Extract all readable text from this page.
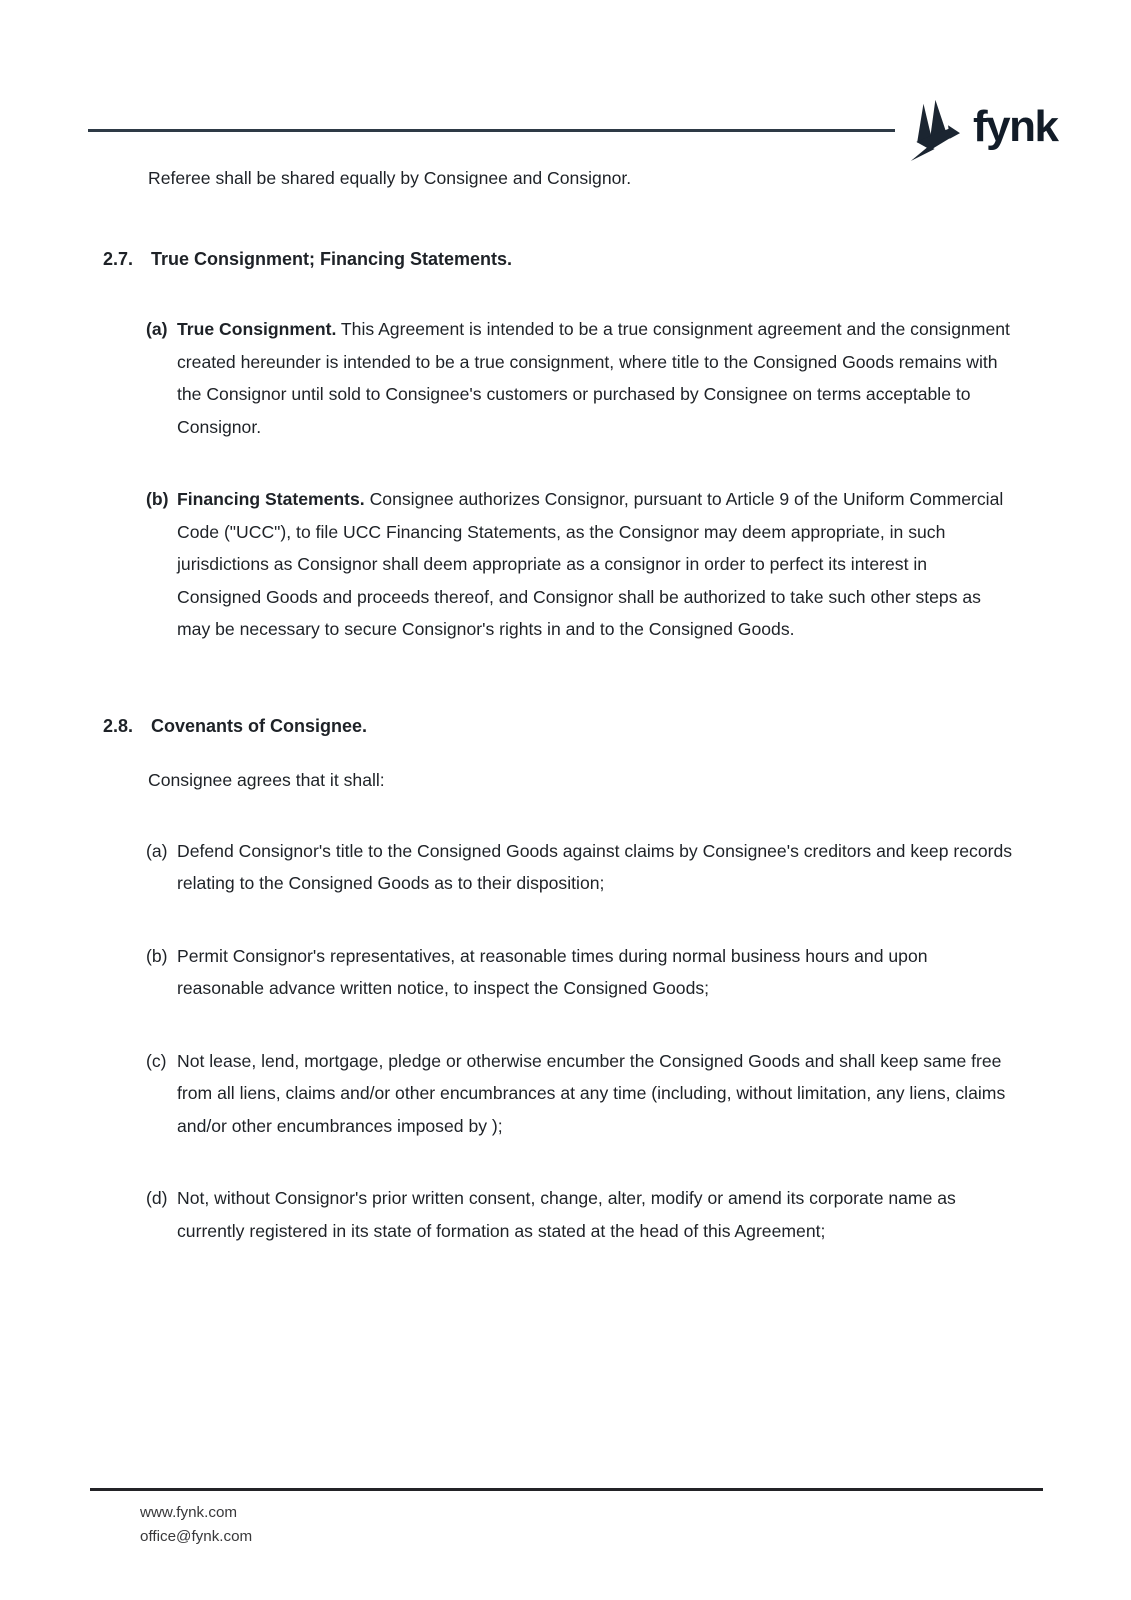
fynk

Referee shall be shared equally by Consignee and Consignor.

2.7. True Consignment; Financing Statements.
(a) True Consignment. This Agreement is intended to be a true consignment agreement and the consignment created hereunder is intended to be a true consignment, where title to the Consigned Goods remains with the Consignor until sold to Consignee's customers or purchased by Consignee on terms acceptable to Consignor.

(b) Financing Statements. Consignee authorizes Consignor, pursuant to Article 9 of the Uniform Commercial Code ("UCC"), to file UCC Financing Statements, as the Consignor may deem appropriate, in such jurisdictions as Consignor shall deem appropriate as a consignor in order to perfect its interest in Consigned Goods and proceeds thereof, and Consignor shall be authorized to take such other steps as may be necessary to secure Consignor's rights in and to the Consigned Goods.

2.8. Covenants of Consignee.

Consignee agrees that it shall:

(a) Defend Consignor's title to the Consigned Goods against claims by Consignee's creditors and keep records relating to the Consigned Goods as to their disposition;

(b) Permit Consignor's representatives, at reasonable times during normal business hours and upon reasonable advance written notice, to inspect the Consigned Goods;

(c) Not lease, lend, mortgage, pledge or otherwise encumber the Consigned Goods and shall keep same free from all liens, claims and/or other encumbrances at any time (including, without limitation, any liens, claims and/or other encumbrances imposed by );

(d) Not, without Consignor's prior written consent, change, alter, modify or amend its corporate name as currently registered in its state of formation as stated at the head of this Agreement;

www.fynk.com
office@fynk.com
